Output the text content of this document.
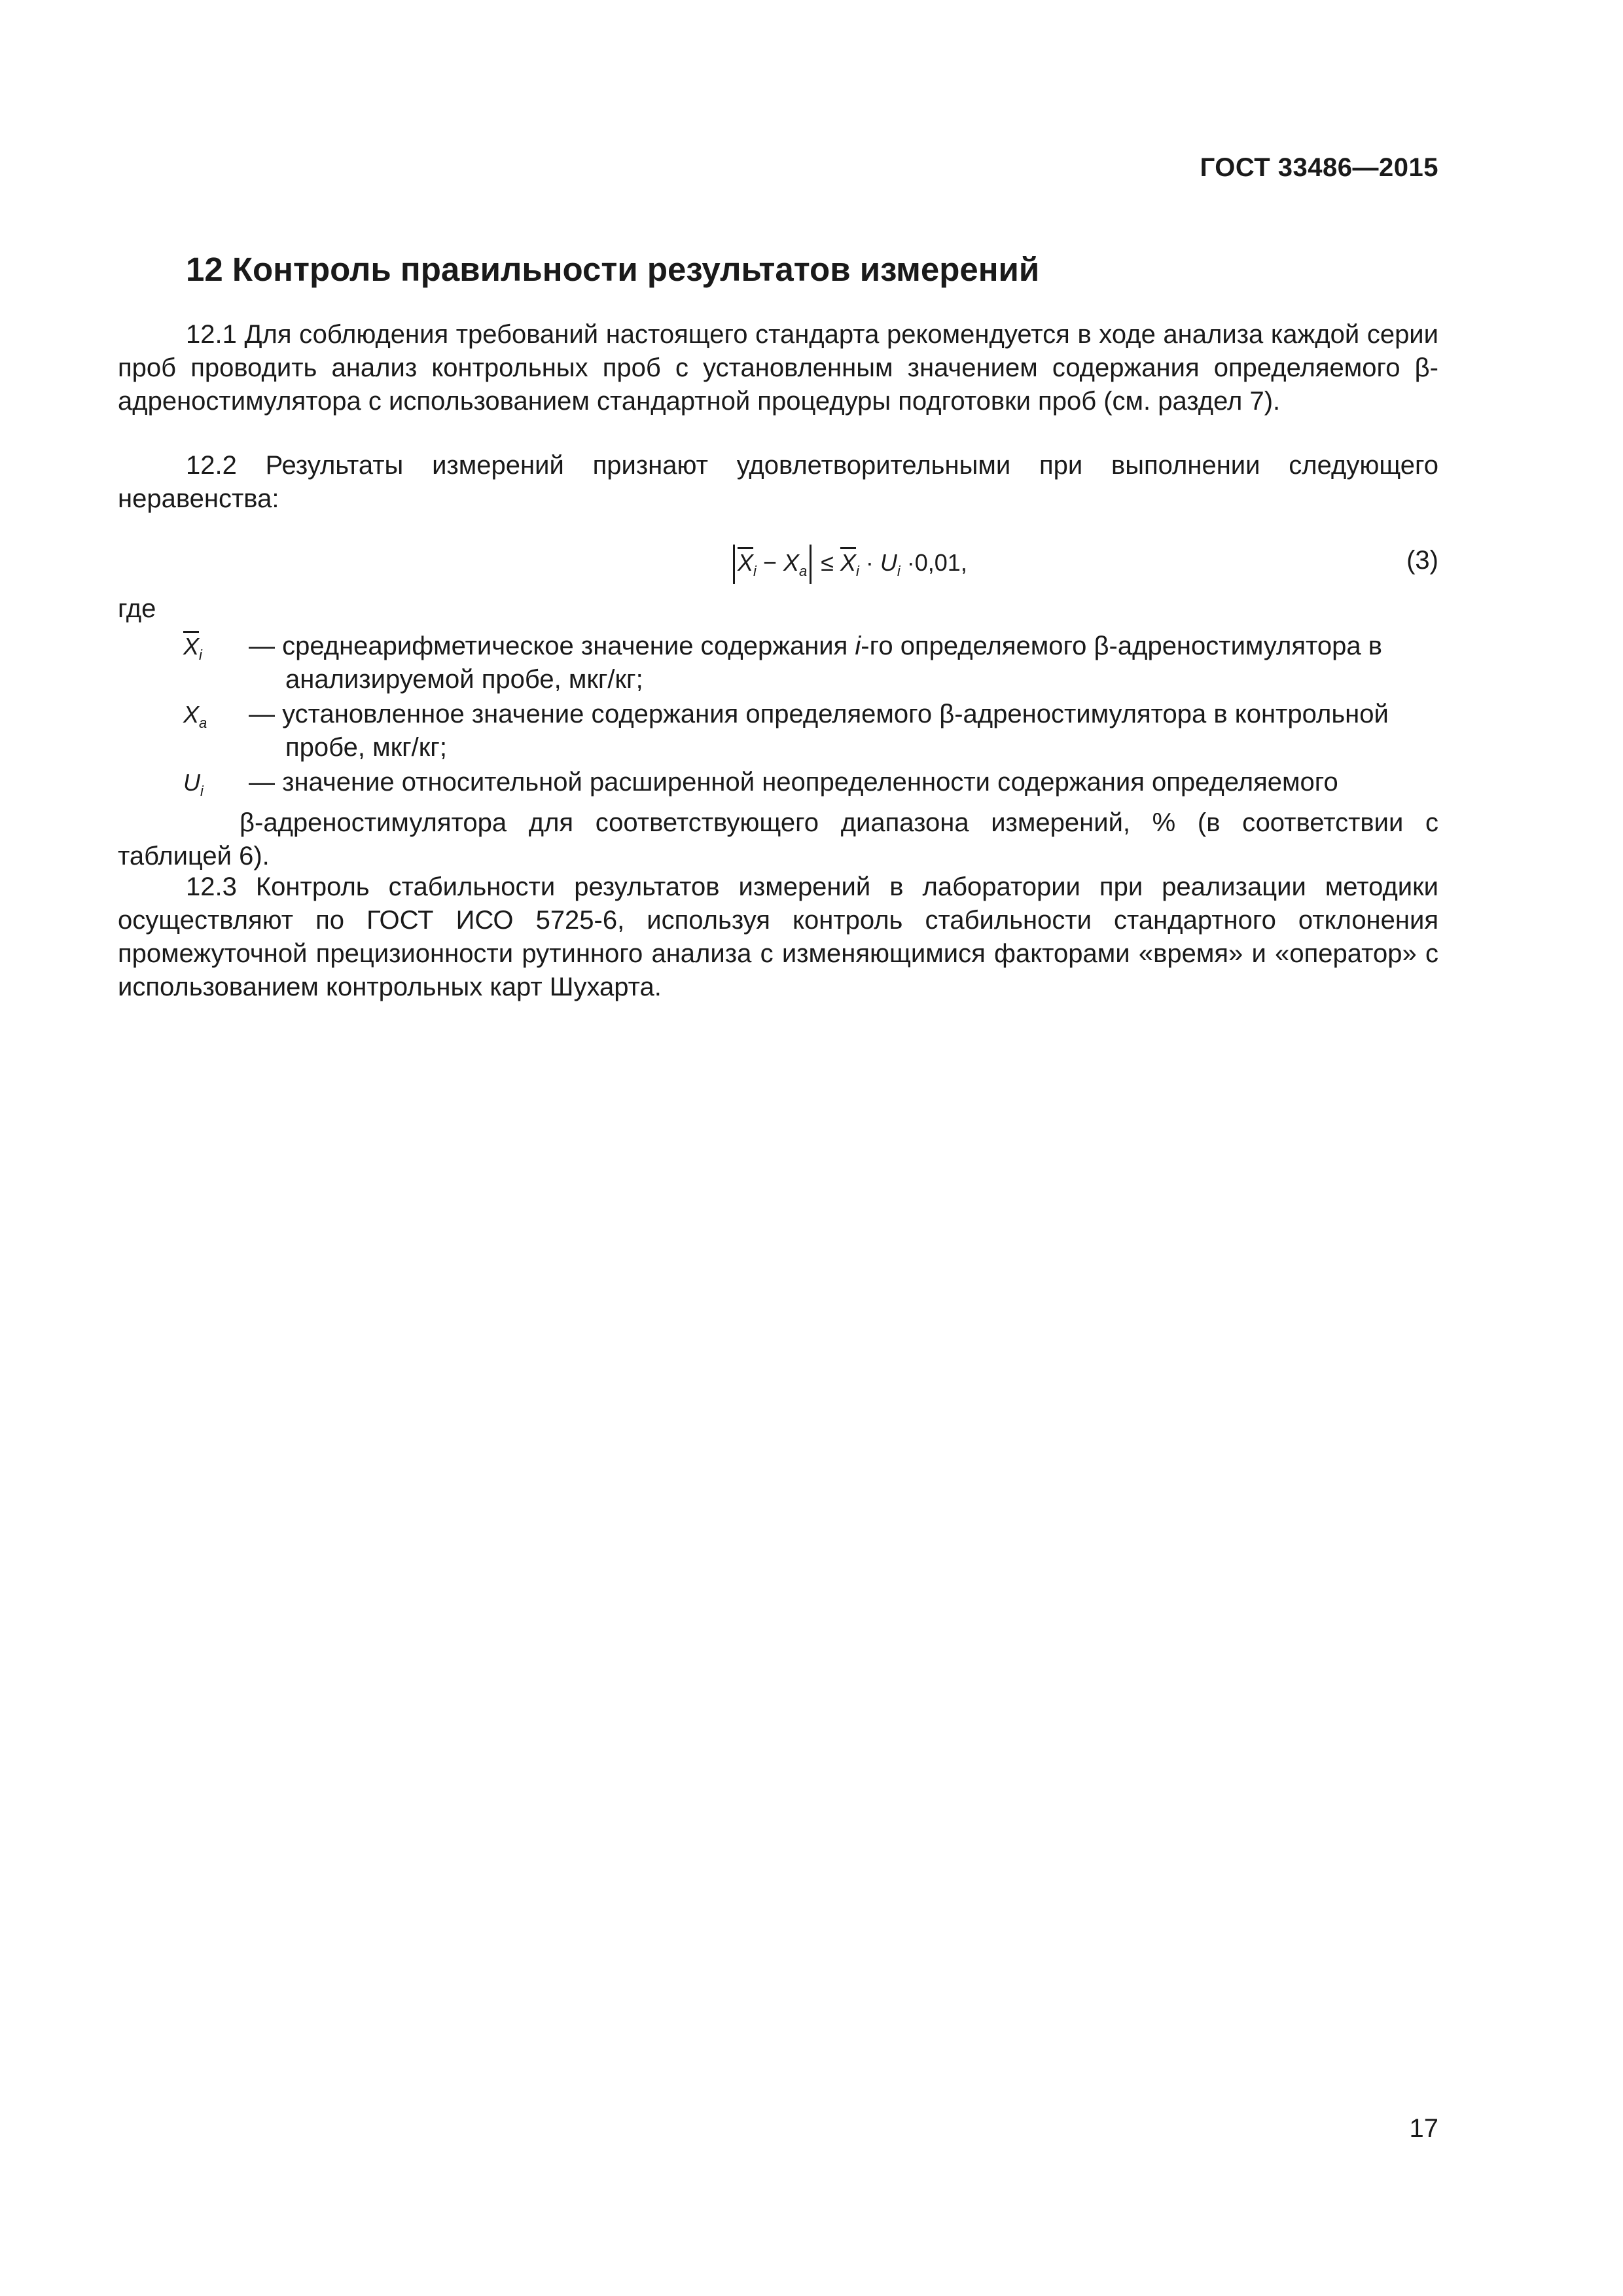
ГОСТ 33486—2015
12 Контроль правильности результатов измерений

12.1 Для соблюдения требований настоящего стандарта рекомендуется в ходе анализа каждой серии проб проводить анализ контрольных проб с установленным значением содержания определяемого β-адреностимулятора с использованием стандартной процедуры подготовки проб (см. раздел 7).

12.2 Результаты измерений признают удовлетворительными при выполнении следующего неравенства:

$\overline{X}_i - X_a \le \overline{X}_i \cdot U_i \cdot 0,01$,	(3)
где
$\overline{X}_i$ — среднеарифметическое значение содержания i-го определяемого β-адреностимулятора в
анализируемой пробе, мкг/кг;
$X_a$ — установленное значение содержания определяемого β-адреностимулятора в контрольной
пробе, мкг/кг;
$U_i$ — значение относительной расширенной неопределенности содержания определяемого

β-адреностимулятора для соответствующего диапазона измерений, % (в соответствии с таблицей 6).

12.3 Контроль стабильности результатов измерений в лаборатории при реализации методики осуществляют по ГОСТ ИСО 5725-6, используя контроль стабильности стандартного отклонения промежуточной прецизионности рутинного анализа с изменяющимися факторами «время» и «оператор» с использованием контрольных карт Шухарта.

17
